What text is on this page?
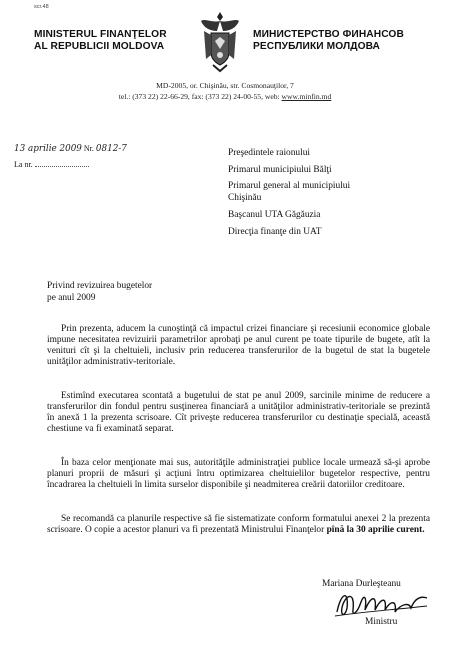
scr.48
MINISTERUL FINANŢELOR
AL REPUBLICII MOLDOVA
МИНИСТЕРСТВО ФИНАНСОВ
РЕСПУБЛИКИ МОЛДОВА
MD-2005, or. Chişinău, str. Cosmonauţilor, 7
tel.: (373 22) 22-66-29, fax: (373 22) 24-00-55, web: www.minfin.md
13 aprilie 2009 Nr. 0812-7
La nr.
Preşedintele raionului
Primarul municipiului Bălţi
Primarul general al municipiului
Chişinău
Başcanul UTA Găgăuzia
Direcţia finanţe din UAT
Privind revizuirea bugetelor
pe anul 2009

Prin prezenta, aducem la cunoştinţă că impactul crizei financiare şi recesiunii economice globale impune necesitatea revizuirii parametrilor aprobaţi pe anul curent pe toate tipurile de bugete, atît la venituri cît şi la cheltuieli, inclusiv prin reducerea transferurilor de la bugetul de stat la bugetele unităţilor administrativ-teritoriale.

Estimînd executarea scontată a bugetului de stat pe anul 2009, sarcinile minime de reducere a transferurilor din fondul pentru susţinerea financiară a unităţilor administrativ-teritoriale se prezintă în anexă 1 la prezenta scrisoare. Cît priveşte reducerea transferurilor cu destinaţie specială, această chestiune va fi examinată separat.

În baza celor menţionate mai sus, autorităţile administraţiei publice locale urmează să-şi aprobe planuri proprii de măsuri şi acţiuni întru optimizarea cheltuielilor bugetelor respective, pentru încadrarea la cheltuieli în limita surselor disponibile şi neadmiterea creării datoriilor creditoare.

Se recomandă ca planurile respective să fie sistematizate conform formatului anexei 2 la prezenta scrisoare. O copie a acestor planuri va fi prezentată Ministrului Finanţelor pînă la 30 aprilie curent.

Mariana Durleşteanu
Ministru
